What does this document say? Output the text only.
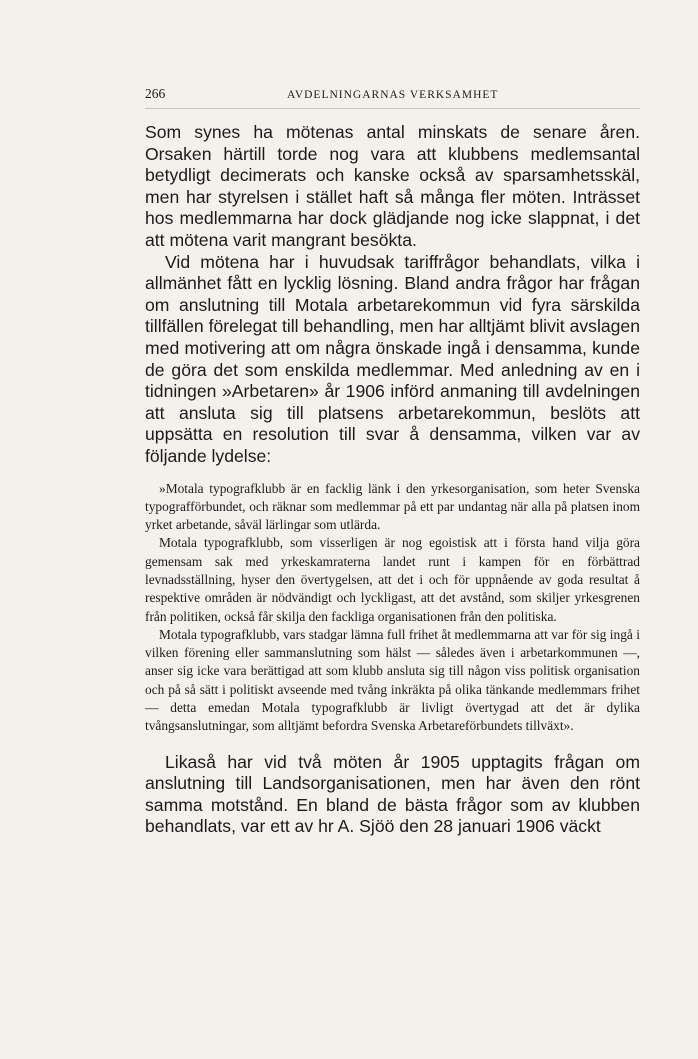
266	AVDELNINGARNAS VERKSAMHET

Som synes ha mötenas antal minskats de senare åren. Orsaken härtill torde nog vara att klubbens medlemsantal betydligt decimerats och kanske också av sparsamhetsskäl, men har styrelsen i stället haft så många fler möten. Inträsset hos medlemmarna har dock glädjande nog icke slappnat, i det att mötena varit mangrant besökta.

Vid mötena har i huvudsak tariffrågor behandlats, vilka i allmänhet fått en lycklig lösning. Bland andra frågor har frågan om anslutning till Motala arbetarekommun vid fyra särskilda tillfällen förelegat till behandling, men har alltjämt blivit avslagen med motivering att om några önskade ingå i densamma, kunde de göra det som enskilda medlemmar. Med anledning av en i tidningen »Arbetaren» år 1906 införd anmaning till avdelningen att ansluta sig till platsens arbetarekommun, beslöts att uppsätta en resolution till svar å densamma, vilken var av följande lydelse:

»Motala typografklubb är en facklig länk i den yrkesorganisation, som heter Svenska typografförbundet, och räknar som medlemmar på ett par undantag när alla på platsen inom yrket arbetande, såväl lärlingar som utlärda.

Motala typografklubb, som visserligen är nog egoistisk att i första hand vilja göra gemensam sak med yrkeskamraterna landet runt i kampen för en förbättrad levnadsställning, hyser den övertygelsen, att det i och för uppnående av goda resultat å respektive områden är nödvändigt och lyckligast, att det avstånd, som skiljer yrkesgrenen från politiken, också får skilja den fackliga organisationen från den politiska.

Motala typografklubb, vars stadgar lämna full frihet åt medlemmarna att var för sig ingå i vilken förening eller sammanslutning som hälst — således även i arbetarkommunen —, anser sig icke vara berättigad att som klubb ansluta sig till någon viss politisk organisation och på så sätt i politiskt avseende med tvång inkräkta på olika tänkande medlemmars frihet — detta emedan Motala typografklubb är livligt övertygad att det är dylika tvångsanslutningar, som alltjämt befordra Svenska Arbetareförbundets tillväxt».

Likaså har vid två möten år 1905 upptagits frågan om anslutning till Landsorganisationen, men har även den rönt samma motstånd. En bland de bästa frågor som av klubben behandlats, var ett av hr A. Sjöö den 28 januari 1906 väckt
